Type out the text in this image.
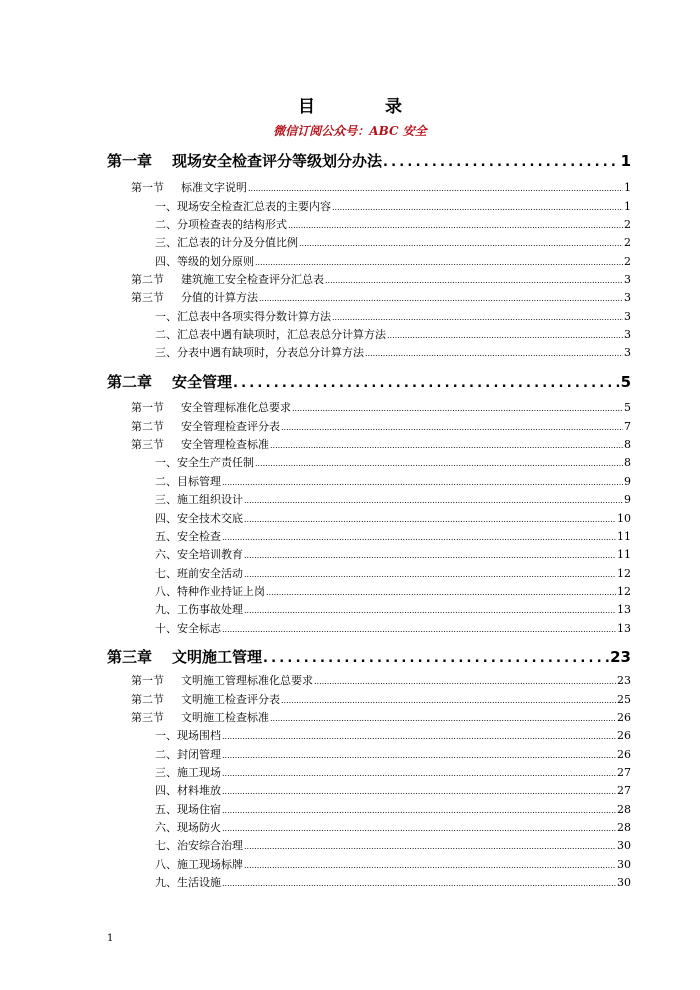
目	录
微信订阅公众号：ABC 安全
第一章 现场安全检查评分等级划分办法 .....	1
第一节 标准文字说明 .....	1
一、现场安全检查汇总表的主要内容 .....	1
二、分项检查表的结构形式 .....	2
三、汇总表的计分及分值比例 .....	2
四、等级的划分原则 .....	2
第二节 建筑施工安全检查评分汇总表 .....	3
第三节 分值的计算方法 .....	3
一、汇总表中各项实得分数计算方法 .....	3
二、汇总表中遇有缺项时，汇总表总分计算方法 .....	3
三、分表中遇有缺项时，分表总分计算方法 .....	3
第二章 安全管理 .....	5
第一节 安全管理标准化总要求 .....	5
第二节 安全管理检查评分表 .....	7
第三节 安全管理检查标准 .....	8
一、安全生产责任制 .....	8
二、目标管理 .....	9
三、施工组织设计 .....	9
四、安全技术交底 .....	10
五、安全检查 .....	11
六、安全培训教育 .....	11
七、班前安全活动 .....	12
八、特种作业持证上岗 .....	12
九、工伤事故处理 .....	13
十、安全标志 .....	13
第三章 文明施工管理 .....	23
第一节 文明施工管理标准化总要求 .....	23
第二节 文明施工检查评分表 .....	25
第三节 文明施工检查标准 .....	26
一、现场围档 .....	26
二、封闭管理 .....	26
三、施工现场 .....	27
四、材料堆放 .....	27
五、现场住宿 .....	28
六、现场防火 .....	28
七、治安综合治理 .....	30
八、施工现场标牌 .....	30
九、生活设施 .....	30
1
